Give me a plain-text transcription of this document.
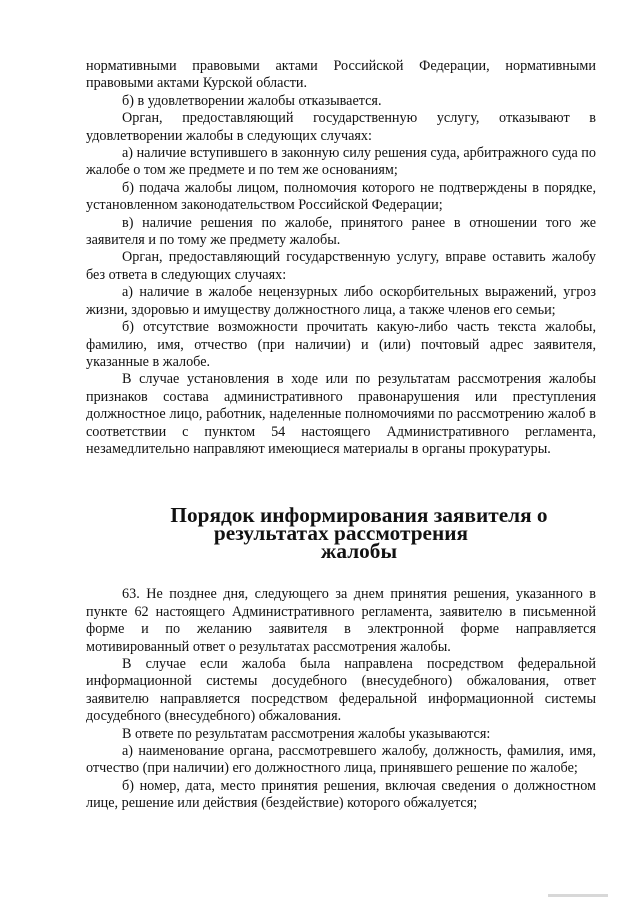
нормативными правовыми актами Российской Федерации, нормативными правовыми актами Курской области.

б) в удовлетворении жалобы отказывается.

Орган, предоставляющий государственную услугу, отказывают в удовлетворении жалобы в следующих случаях:

а) наличие вступившего в законную силу решения суда, арбитражного суда по жалобе о том же предмете и по тем же основаниям;

б) подача жалобы лицом, полномочия которого не подтверждены в порядке, установленном законодательством Российской Федерации;

в) наличие решения по жалобе, принятого ранее в отношении того же заявителя и по тому же предмету жалобы.

Орган, предоставляющий государственную услугу, вправе оставить жалобу без ответа в следующих случаях:

а) наличие в жалобе нецензурных либо оскорбительных выражений, угроз жизни, здоровью и имуществу должностного лица, а также членов его семьи;

б) отсутствие возможности прочитать какую-либо часть текста жалобы, фамилию, имя, отчество (при наличии) и (или) почтовый адрес заявителя, указанные в жалобе.

В случае установления в ходе или по результатам рассмотрения жалобы признаков состава административного правонарушения или преступления должностное лицо, работник, наделенные полномочиями по рассмотрению жалоб в соответствии с пунктом 54 настоящего Административного регламента, незамедлительно направляют имеющиеся материалы в органы прокуратуры.

Порядок информирования заявителя о результатах рассмотрения
жалобы

63. Не позднее дня, следующего за днем принятия решения, указанного в пункте 62 настоящего Административного регламента, заявителю в письменной форме и по желанию заявителя в электронной форме направляется мотивированный ответ о результатах рассмотрения жалобы.

В случае если жалоба была направлена посредством федеральной информационной системы досудебного (внесудебного) обжалования, ответ заявителю направляется посредством федеральной информационной системы досудебного (внесудебного) обжалования.

В ответе по результатам рассмотрения жалобы указываются:

а) наименование органа, рассмотревшего жалобу, должность, фамилия, имя, отчество (при наличии) его должностного лица, принявшего решение по жалобе;

б) номер, дата, место принятия решения, включая сведения о должностном лице, решение или действия (бездействие) которого обжалуется;
